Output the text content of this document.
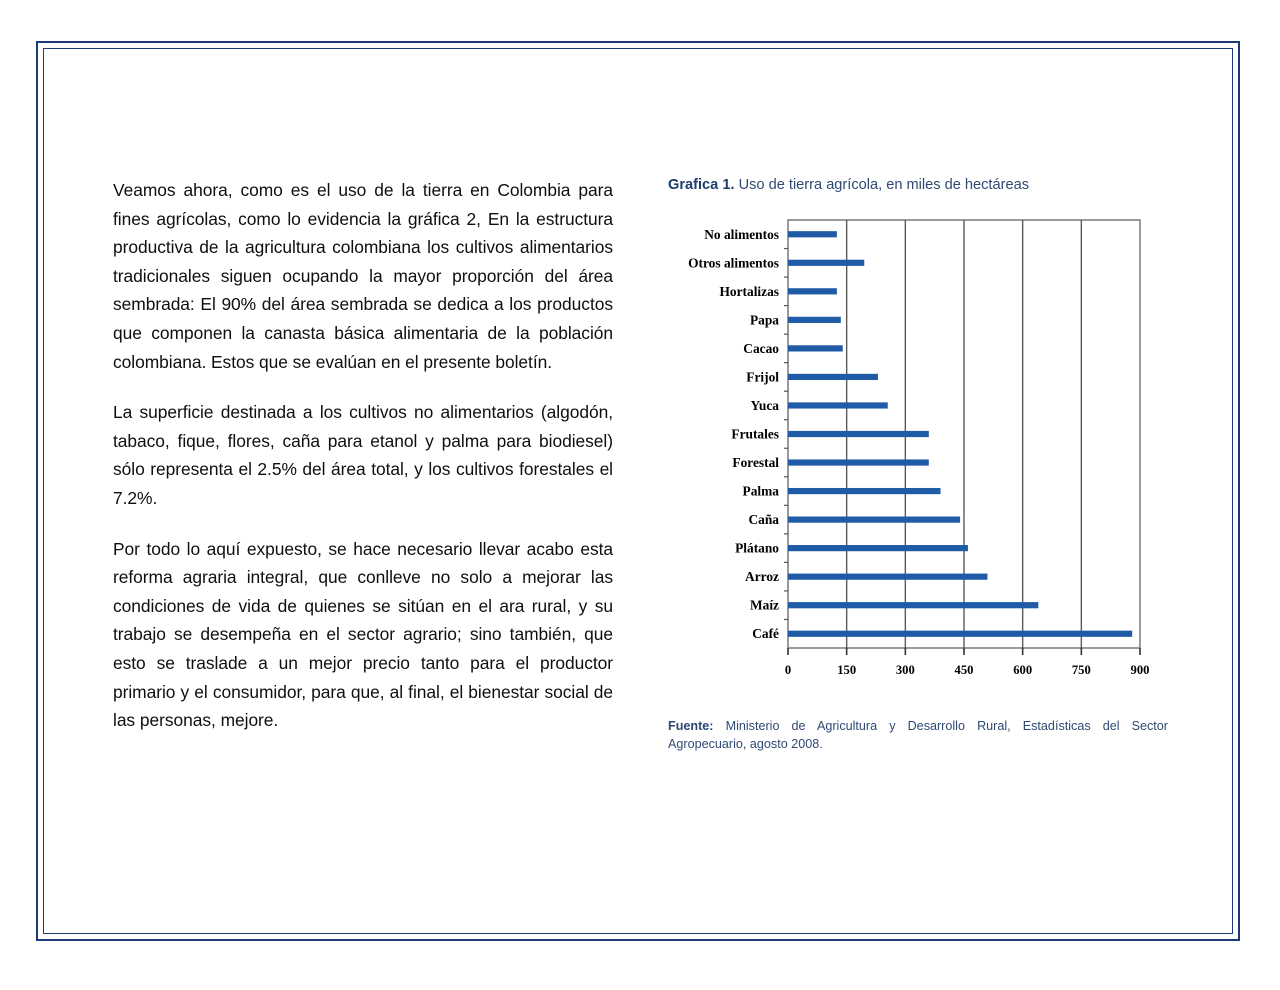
Veamos ahora, como es el uso de la tierra en Colombia para fines agrícolas, como lo evidencia la gráfica 2, En la estructura productiva de la agricultura colombiana los cultivos alimentarios tradicionales siguen ocupando la mayor proporción del área sembrada: El 90% del área sembrada se dedica a los productos que componen la canasta básica alimentaria de la población colombiana. Estos que se evalúan en el presente boletín.

La superficie destinada a los cultivos no alimentarios (algodón, tabaco, fique, flores, caña para etanol y palma para biodiesel) sólo representa el 2.5% del área total, y los cultivos forestales el 7.2%.

Por todo lo aquí expuesto, se hace necesario llevar acabo esta reforma agraria integral, que conlleve no solo a mejorar las condiciones de vida de quienes se sitúan en el ara rural, y su trabajo se desempeña en el sector agrario; sino también, que esto se traslade a un mejor precio tanto para el productor primario y el consumidor, para que, al final, el bienestar social de las personas, mejore.

Grafica 1. Uso de tierra agrícola, en miles de hectáreas
No alimentos
Otros alimentos
Hortalizas
Papa
Cacao
Frijol
Yuca
Frutales
Forestal
Palma
Caña
Plátano
Arroz
Maíz
Café
0	150	300	450	600	750	900
Fuente: Ministerio de Agricultura y Desarrollo Rural, Estadísticas del Sector Agropecuario, agosto 2008.
